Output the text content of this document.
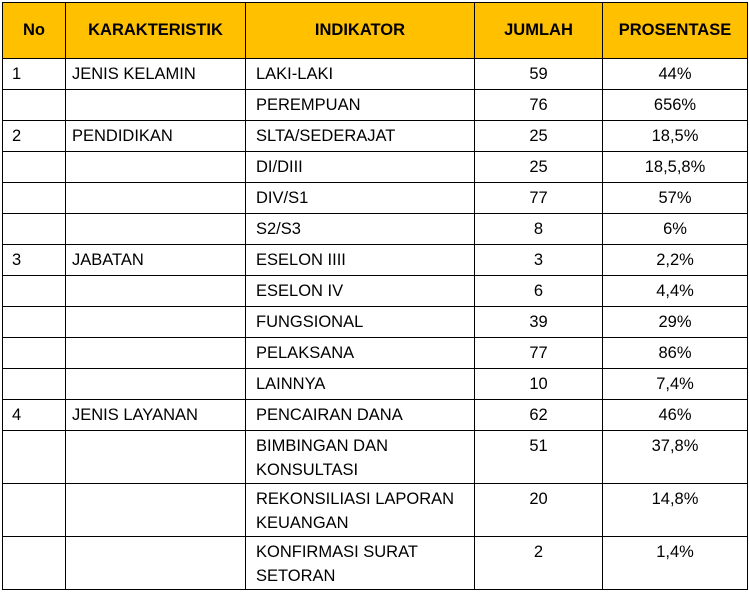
No	KARAKTERISTIK	INDIKATOR	JUMLAH	PROSENTASE
1	JENIS KELAMIN	LAKI-LAKI	59	44%
		PEREMPUAN	76	656%
2	PENDIDIKAN	SLTA/SEDERAJAT	25	18,5%
		DI/DIII	25	18,5,8%
		DIV/S1	77	57%
		S2/S3	8	6%
3	JABATAN	ESELON IIII	3	2,2%
		ESELON IV	6	4,4%
		FUNGSIONAL	39	29%
		PELAKSANA	77	86%
		LAINNYA	10	7,4%
4	JENIS LAYANAN	PENCAIRAN DANA	62	46%
		BIMBINGAN DAN KONSULTASI	51	37,8%
		REKONSILIASI LAPORAN KEUANGAN	20	14,8%
		KONFIRMASI SURAT SETORAN	2	1,4%
